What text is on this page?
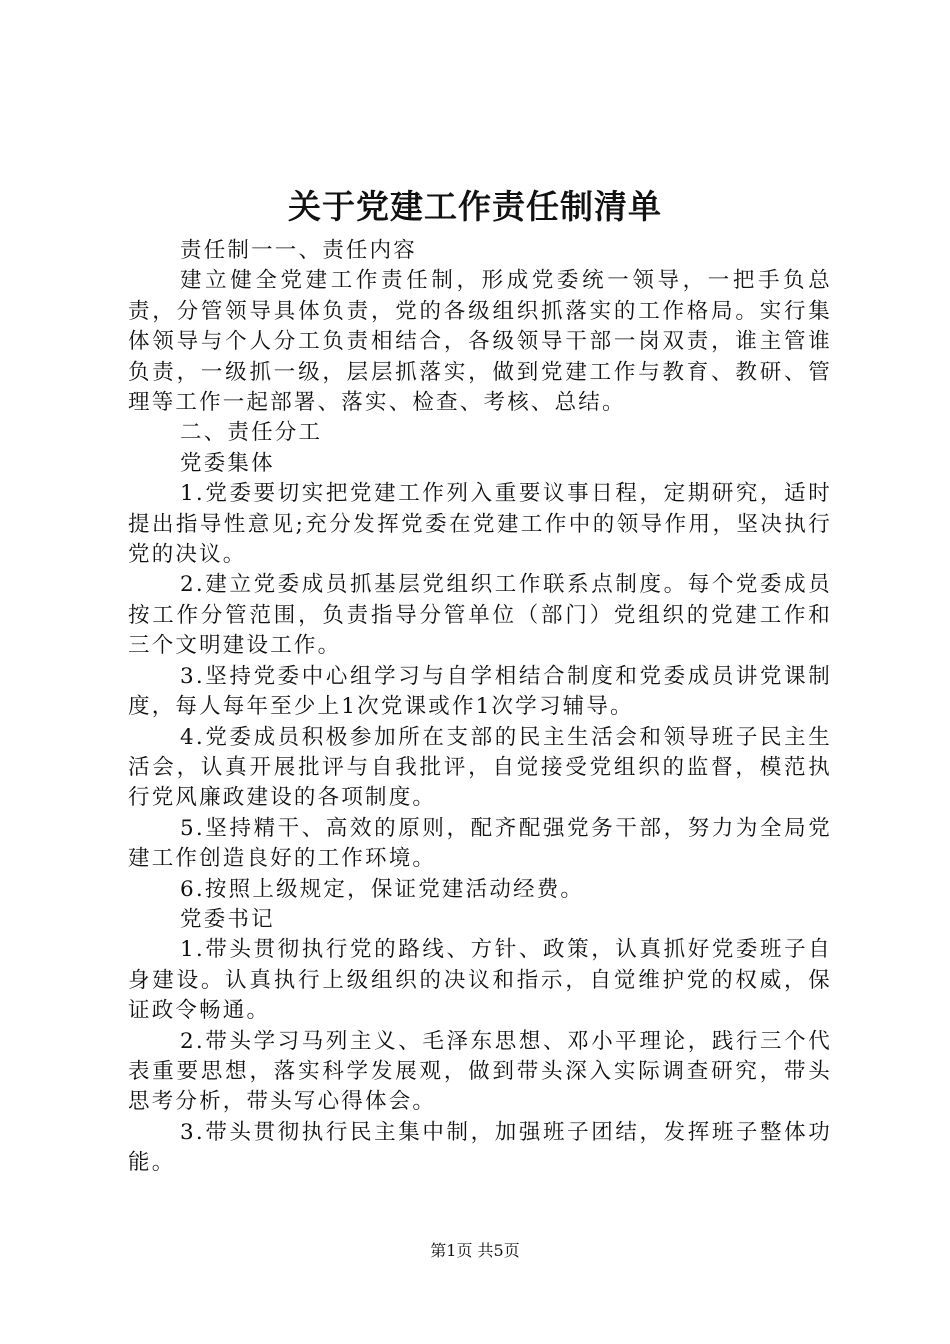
关于党建工作责任制清单

责任制一一、责任内容

建立健全党建工作责任制，形成党委统一领导，一把手负总责，分管领导具体负责，党的各级组织抓落实的工作格局。实行集体领导与个人分工负责相结合，各级领导干部一岗双责，谁主管谁负责，一级抓一级，层层抓落实，做到党建工作与教育、教研、管理等工作一起部署、落实、检查、考核、总结。

二、责任分工

党委集体

1.党委要切实把党建工作列入重要议事日程，定期研究，适时提出指导性意见;充分发挥党委在党建工作中的领导作用，坚决执行党的决议。

2.建立党委成员抓基层党组织工作联系点制度。每个党委成员按工作分管范围，负责指导分管单位（部门）党组织的党建工作和三个文明建设工作。

3.坚持党委中心组学习与自学相结合制度和党委成员讲党课制度，每人每年至少上1次党课或作1次学习辅导。

4.党委成员积极参加所在支部的民主生活会和领导班子民主生活会，认真开展批评与自我批评，自觉接受党组织的监督，模范执行党风廉政建设的各项制度。

5.坚持精干、高效的原则，配齐配强党务干部，努力为全局党建工作创造良好的工作环境。

6.按照上级规定，保证党建活动经费。

党委书记

1.带头贯彻执行党的路线、方针、政策，认真抓好党委班子自身建设。认真执行上级组织的决议和指示，自觉维护党的权威，保证政令畅通。

2.带头学习马列主义、毛泽东思想、邓小平理论，践行三个代表重要思想，落实科学发展观，做到带头深入实际调查研究，带头思考分析，带头写心得体会。

3.带头贯彻执行民主集中制，加强班子团结，发挥班子整体功能。

第1页 共5页
